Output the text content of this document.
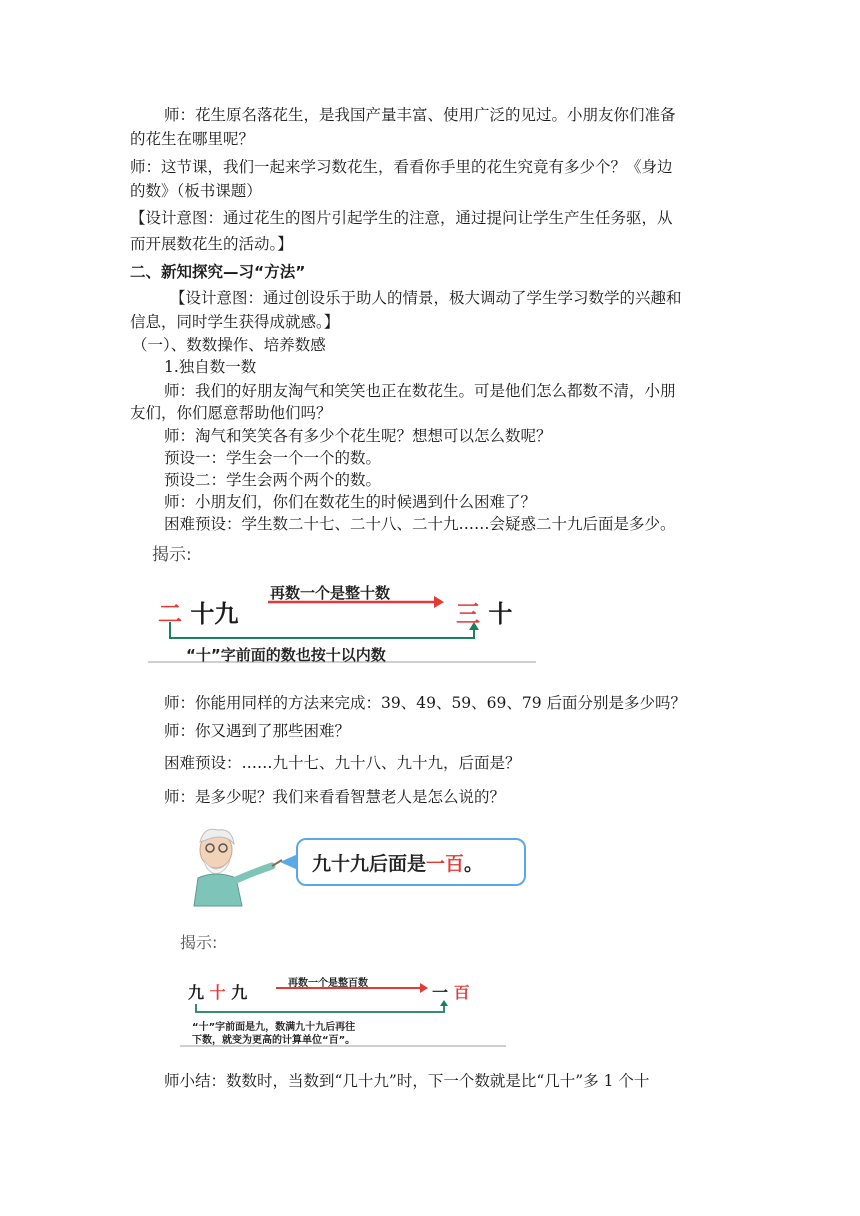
师：花生原名落花生，是我国产量丰富、使用广泛的见过。小朋友你们准备
的花生在哪里呢？
师：这节课，我们一起来学习数花生，看看你手里的花生究竟有多少个？《身边
的数》（板书课题）
【设计意图：通过花生的图片引起学生的注意，通过提问让学生产生任务驱，从
而开展数花生的活动。】
二、新知探究—习“方法”
【设计意图：通过创设乐于助人的情景，极大调动了学生学习数学的兴趣和
信息，同时学生获得成就感。】
（一）、数数操作、培养数感
1.独自数一数
师：我们的好朋友淘气和笑笑也正在数花生。可是他们怎么都数不清，小朋
友们，你们愿意帮助他们吗？
师：淘气和笑笑各有多少个花生呢？想想可以怎么数呢？
预设一：学生会一个一个的数。
预设二：学生会两个两个的数。
师：小朋友们，你们在数花生的时候遇到什么困难了？
困难预设：学生数二十七、二十八、二十九……会疑惑二十九后面是多少。
揭示:
再数一个是整十数
二 十九	三 十
“十”字前面的数也按十以内数
师：你能用同样的方法来完成：39、49、59、69、79 后面分别是多少吗？
师：你又遇到了那些困难？
困难预设：……九十七、九十八、九十九，后面是？
师：是多少呢？我们来看看智慧老人是怎么说的？
九十九后面是一百。
揭示:
再数一个是整百数
九 十 九	一 百
“十”字前面是九，数满九十九后再往
下数，就变为更高的计算单位“百”。
师小结：数数时，当数到“几十九”时，下一个数就是比“几十”多 1 个十
